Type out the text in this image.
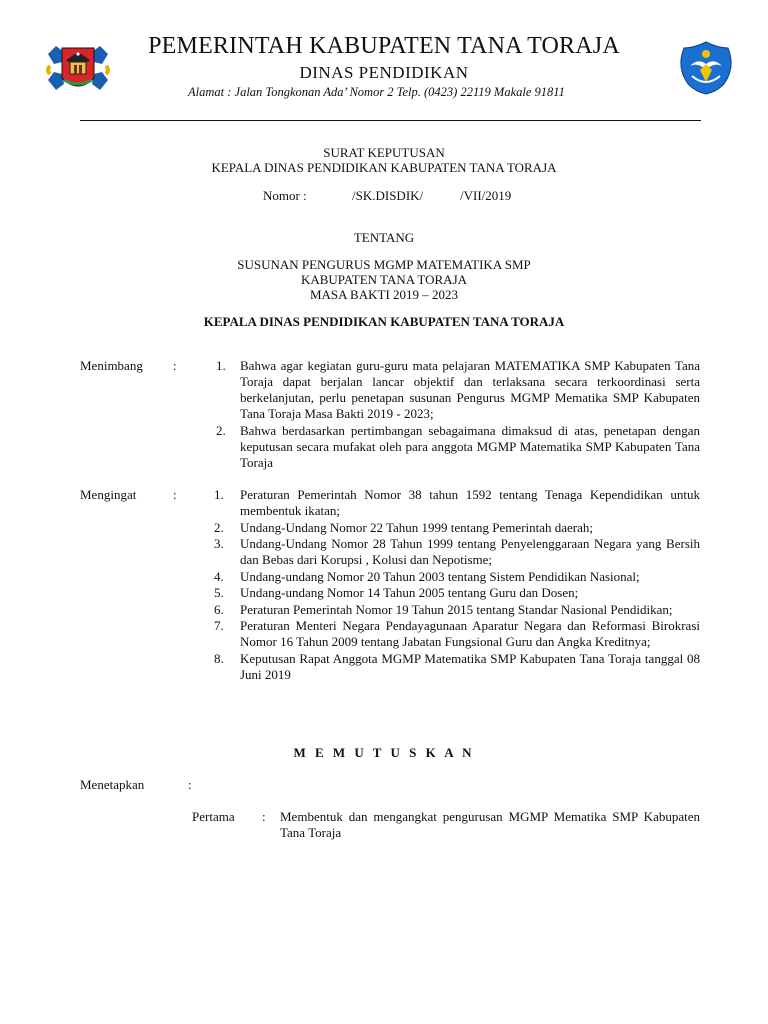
PEMERINTAH KABUPATEN TANA TORAJA
DINAS PENDIDIKAN
Alamat : Jalan Tongkonan Ada’ Nomor 2 Telp. (0423) 22119 Makale 91811
SURAT KEPUTUSAN
KEPALA DINAS PENDIDIKAN KABUPATEN TANA TORAJA
Nomor :	/SK.DISDIK/	/VII/2019
TENTANG
SUSUNAN PENGURUS MGMP MATEMATIKA SMP
KABUPATEN TANA TORAJA
MASA BAKTI 2019 – 2023
KEPALA DINAS PENDIDIKAN KABUPATEN TANA TORAJA
Menimbang :	1. Bahwa agar kegiatan guru-guru mata pelajaran MATEMATIKA SMP Kabupaten Tana Toraja dapat berjalan lancar objektif dan terlaksana secara terkoordinasi serta berkelanjutan, perlu penetapan susunan Pengurus MGMP Mematika SMP Kabupaten Tana Toraja Masa Bakti 2019 - 2023;
2. Bahwa berdasarkan pertimbangan sebagaimana dimaksud di atas, penetapan dengan keputusan secara mufakat oleh para anggota MGMP Matematika SMP Kabupaten Tana Toraja
Mengingat	:	1. Peraturan Pemerintah Nomor 38 tahun 1592 tentang Tenaga Kependidikan untuk membentuk ikatan;
2. Undang-Undang Nomor 22 Tahun 1999 tentang Pemerintah daerah;
3. Undang-Undang Nomor 28 Tahun 1999 tentang Penyelenggaraan Negara yang Bersih dan Bebas dari Korupsi , Kolusi dan Nepotisme;
4. Undang-undang Nomor 20 Tahun 2003 tentang Sistem Pendidikan Nasional;
5. Undang-undang Nomor 14 Tahun 2005 tentang Guru dan Dosen;
6. Peraturan Pemerintah Nomor 19 Tahun 2015 tentang Standar Nasional Pendidikan;
7. Peraturan Menteri Negara Pendayagunaan Aparatur Negara dan Reformasi Birokrasi Nomor 16 Tahun 2009 tentang Jabatan Fungsional Guru dan Angka Kreditnya;
8. Keputusan Rapat Anggota MGMP Matematika SMP Kabupaten Tana Toraja tanggal 08 Juni 2019
M E M U T U S K A N
Menetapkan	:
Pertama : Membentuk dan mengangkat pengurusan MGMP Mematika SMP Kabupaten Tana Toraja
